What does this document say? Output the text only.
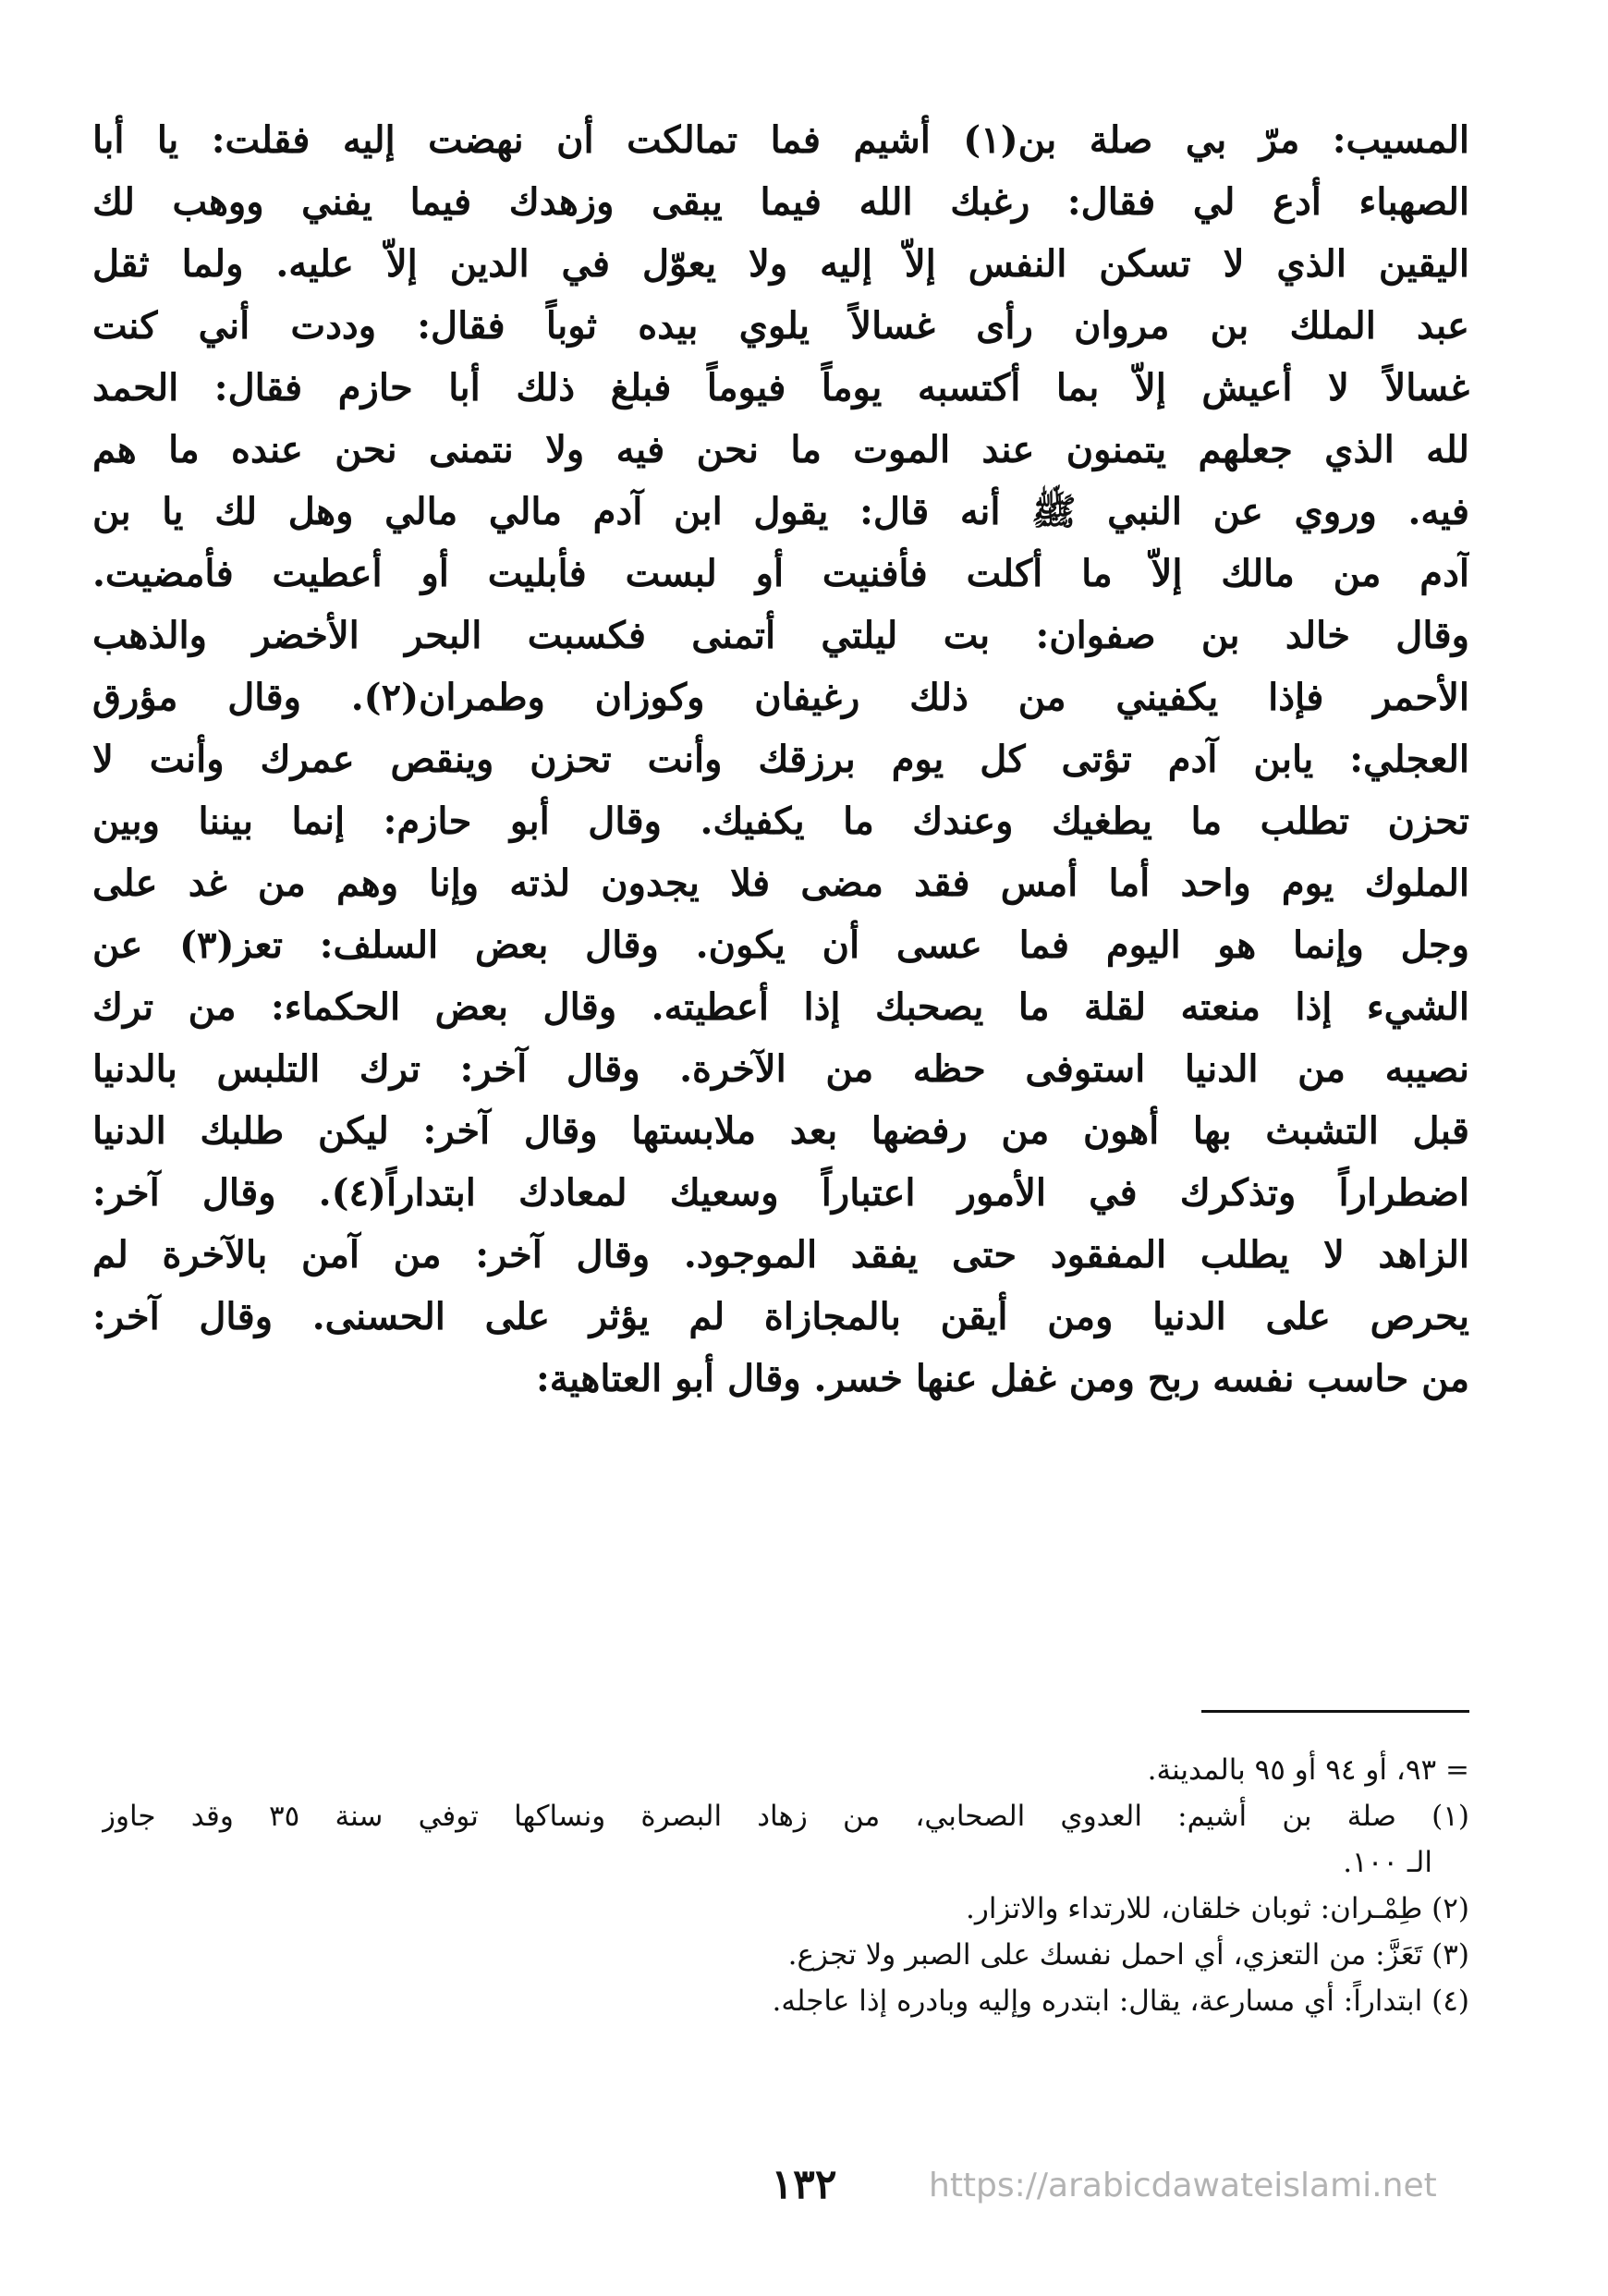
المسيب: مرّ بي صلة بن(١) أشيم فما تمالكت أن نهضت إليه فقلت: يا أبا
الصهباء أدع لي فقال: رغبك الله فيما يبقى وزهدك فيما يفني ووهب لك
اليقين الذي لا تسكن النفس إلاّ إليه ولا يعوّل في الدين إلاّ عليه. ولما ثقل
عبد الملك بن مروان رأى غسالاً يلوي بيده ثوباً فقال: وددت أني كنت
غسالاً لا أعيش إلاّ بما أكتسبه يوماً فيوماً فبلغ ذلك أبا حازم فقال: الحمد
لله الذي جعلهم يتمنون عند الموت ما نحن فيه ولا نتمنى نحن عنده ما هم
فيه. وروي عن النبي ﷺ أنه قال: يقول ابن آدم مالي مالي وهل لك يا بن
آدم من مالك إلاّ ما أكلت فأفنيت أو لبست فأبليت أو أعطيت فأمضيت.
وقال خالد بن صفوان: بت ليلتي أتمنى فكسبت البحر الأخضر والذهب
الأحمر فإذا يكفيني من ذلك رغيفان وكوزان وطمران(٢). وقال مؤرق
العجلي: يابن آدم تؤتى كل يوم برزقك وأنت تحزن وينقص عمرك وأنت لا
تحزن تطلب ما يطغيك وعندك ما يكفيك. وقال أبو حازم: إنما بيننا وبين
الملوك يوم واحد أما أمس فقد مضى فلا يجدون لذته وإنا وهم من غد على
وجل وإنما هو اليوم فما عسى أن يكون. وقال بعض السلف: تعز(٣) عن
الشيء إذا منعته لقلة ما يصحبك إذا أعطيته. وقال بعض الحكماء: من ترك
نصيبه من الدنيا استوفى حظه من الآخرة. وقال آخر: ترك التلبس بالدنيا
قبل التشبث بها أهون من رفضها بعد ملابستها وقال آخر: ليكن طلبك الدنيا
اضطراراً وتذكرك في الأمور اعتباراً وسعيك لمعادك ابتداراً(٤). وقال آخر:
الزاهد لا يطلب المفقود حتى يفقد الموجود. وقال آخر: من آمن بالآخرة لم
يحرص على الدنيا ومن أيقن بالمجازاة لم يؤثر على الحسنى. وقال آخر:
من حاسب نفسه ربح ومن غفل عنها خسر. وقال أبو العتاهية:
= ٩٣، أو ٩٤ أو ٩٥ بالمدينة.
(١) صلة بن أشيم: العدوي الصحابي، من زهاد البصرة ونساكها توفي سنة ٣٥ وقد جاوز
الـ ١٠٠.
(٢) طِمْـران: ثوبان خلقان، للارتداء والاتزار.
(٣) تَعَزَّ: من التعزي، أي احمل نفسك على الصبر ولا تجزع.
(٤) ابتداراً: أي مسارعة، يقال: ابتدره وإليه وبادره إذا عاجله.
١٣٢	https://arabicdawateislami.net
